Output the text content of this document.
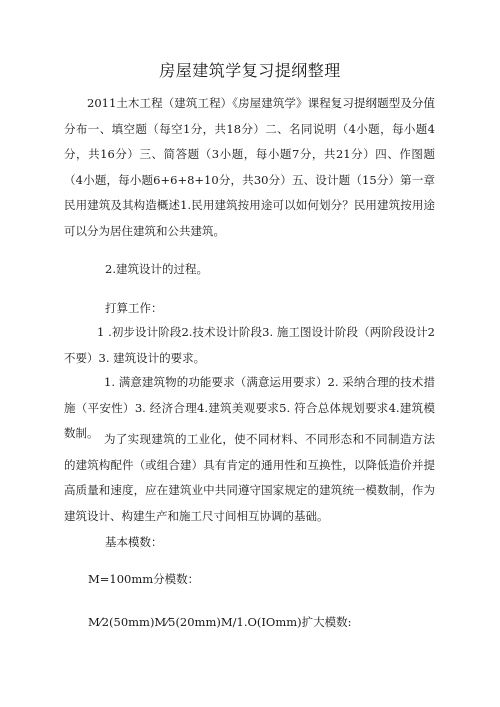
房屋建筑学复习提纲整理

2011土木工程（建筑工程）《房屋建筑学》课程复习提纲题型及分值分布一、填空题（每空1分，共18分）二、名同说明（4小题，每小题4分，共16分）三、简答题（3小题，每小题7分，共21分）四、作图题（4小题，每小题6+6+8+10分，共30分）五、设计题（15分）第一章民用建筑及其构造概述1.民用建筑按用途可以如何划分？民用建筑按用途可以分为居住建筑和公共建筑。

2.建筑设计的过程。

打算工作：

1 .初步设计阶段2.技术设计阶段3. 施工图设计阶段（两阶段设计2不要）3. 建筑设计的要求。

1. 满意建筑物的功能要求（满意运用要求）2. 采纳合理的技术措施（平安性）3. 经济合理4.建筑美观要求5. 符合总体规划要求4.建筑模数制。 为了实现建筑的工业化，使不同材料、不同形态和不同制造方法的建筑构配件（或组合建）具有肯定的通用性和互换性，以降低造价并提高质量和速度，应在建筑业中共同遵守国家规定的建筑统一模数制，作为建筑设计、构建生产和施工尺寸间相互协调的基础。

基本模数：

M=100mm分模数：

M⁄2(50mm)M⁄5(20mm)M/1.O(IOmm)扩大模数:
